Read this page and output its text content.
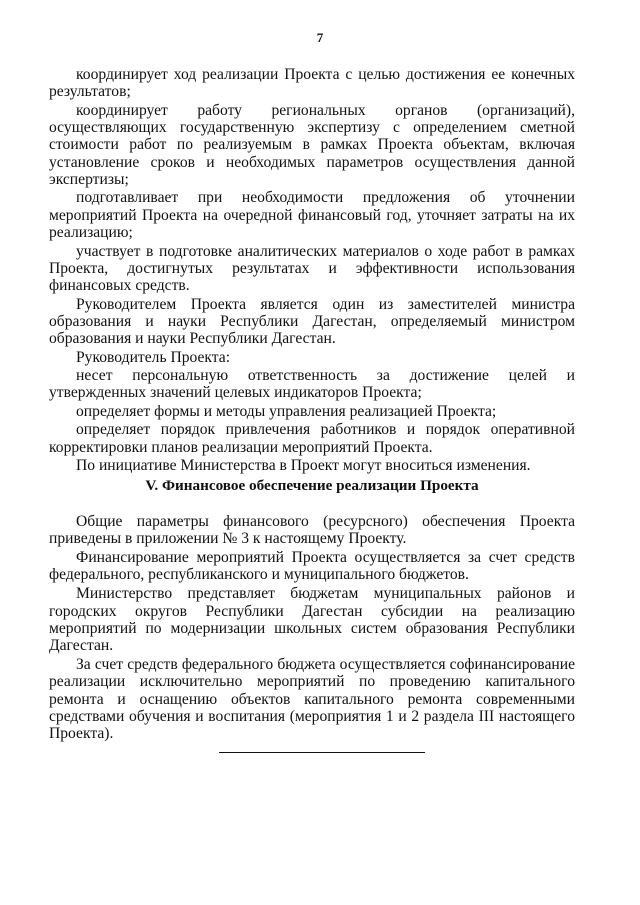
7

координирует ход реализации Проекта с целью достижения ее конечных результатов;

координирует работу региональных органов (организаций), осуществляющих государственную экспертизу с определением сметной стоимости работ по реализуемым в рамках Проекта объектам, включая установление сроков и необходимых параметров осуществления данной экспертизы;

подготавливает при необходимости предложения об уточнении мероприятий Проекта на очередной финансовый год, уточняет затраты на их реализацию;

участвует в подготовке аналитических материалов о ходе работ в рамках Проекта, достигнутых результатах и эффективности использования финансовых средств.

Руководителем Проекта является один из заместителей министра образования и науки Республики Дагестан, определяемый министром образования и науки Республики Дагестан.

Руководитель Проекта:

несет персональную ответственность за достижение целей и утвержденных значений целевых индикаторов Проекта;

определяет формы и методы управления реализацией Проекта;

определяет порядок привлечения работников и порядок оперативной корректировки планов реализации мероприятий Проекта.

По инициативе Министерства в Проект могут вноситься изменения.

V. Финансовое обеспечение реализации Проекта

Общие параметры финансового (ресурсного) обеспечения Проекта приведены в приложении № 3 к настоящему Проекту.

Финансирование мероприятий Проекта осуществляется за счет средств федерального, республиканского и муниципального бюджетов.

Министерство представляет бюджетам муниципальных районов и городских округов Республики Дагестан субсидии на реализацию мероприятий по модернизации школьных систем образования Республики Дагестан.

За счет средств федерального бюджета осуществляется софинансирование реализации исключительно мероприятий по проведению капитального ремонта и оснащению объектов капитального ремонта современными средствами обучения и воспитания (мероприятия 1 и 2 раздела III настоящего Проекта).
